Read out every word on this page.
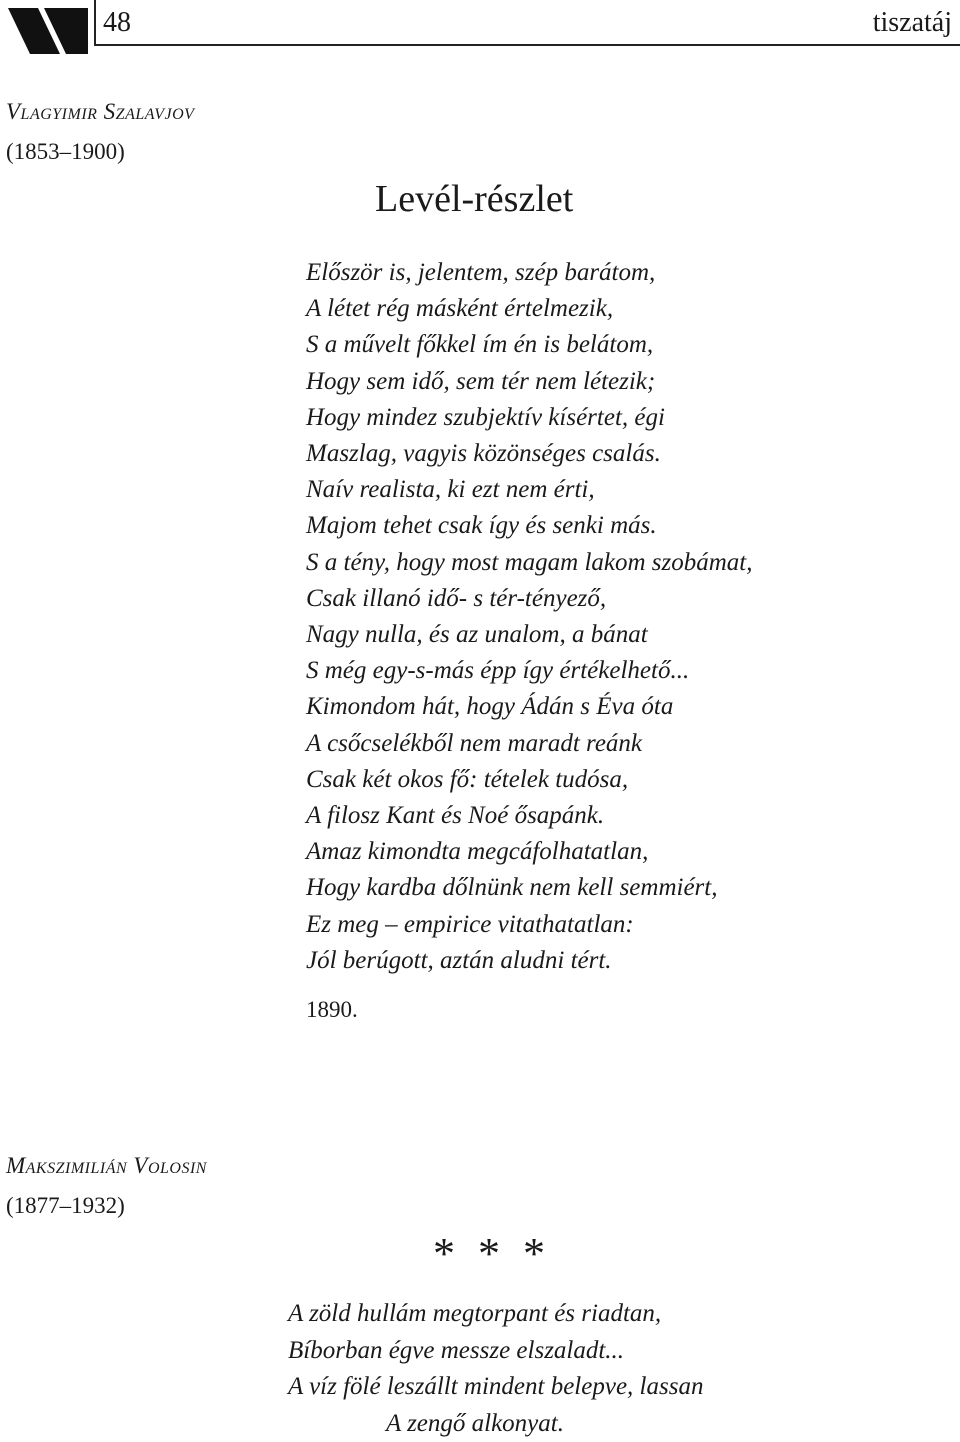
48	tiszatáj
Vlagyimir Szalavjov
(1853–1900)
Levél-részlet
Először is, jelentem, szép barátom,
A létet rég másként értelmezik,
S a művelt főkkel ím én is belátom,
Hogy sem idő, sem tér nem létezik;
Hogy mindez szubjektív kísértet, égi
Maszlag, vagyis közönséges csalás.
Naív realista, ki ezt nem érti,
Majom tehet csak így és senki más.
S a tény, hogy most magam lakom szobámat,
Csak illanó idő- s tér-tényező,
Nagy nulla, és az unalom, a bánat
S még egy-s-más épp így értékelhető...
Kimondom hát, hogy Ádán s Éva óta
A csőcselékből nem maradt reánk
Csak két okos fő: tételek tudósa,
A filosz Kant és Noé ősapánk.
Amaz kimondta megcáfolhatatlan,
Hogy kardba dőlnünk nem kell semmiért,
Ez meg – empirice vitathatatlan:
Jól berúgott, aztán aludni tért.
1890.
Makszimilián Volosin
(1877–1932)
* * *
A zöld hullám megtorpant és riadtan,
Bíborban égve messze elszaladt...
A víz fölé leszállt mindent belepve, lassan
A zengő alkonyat.
